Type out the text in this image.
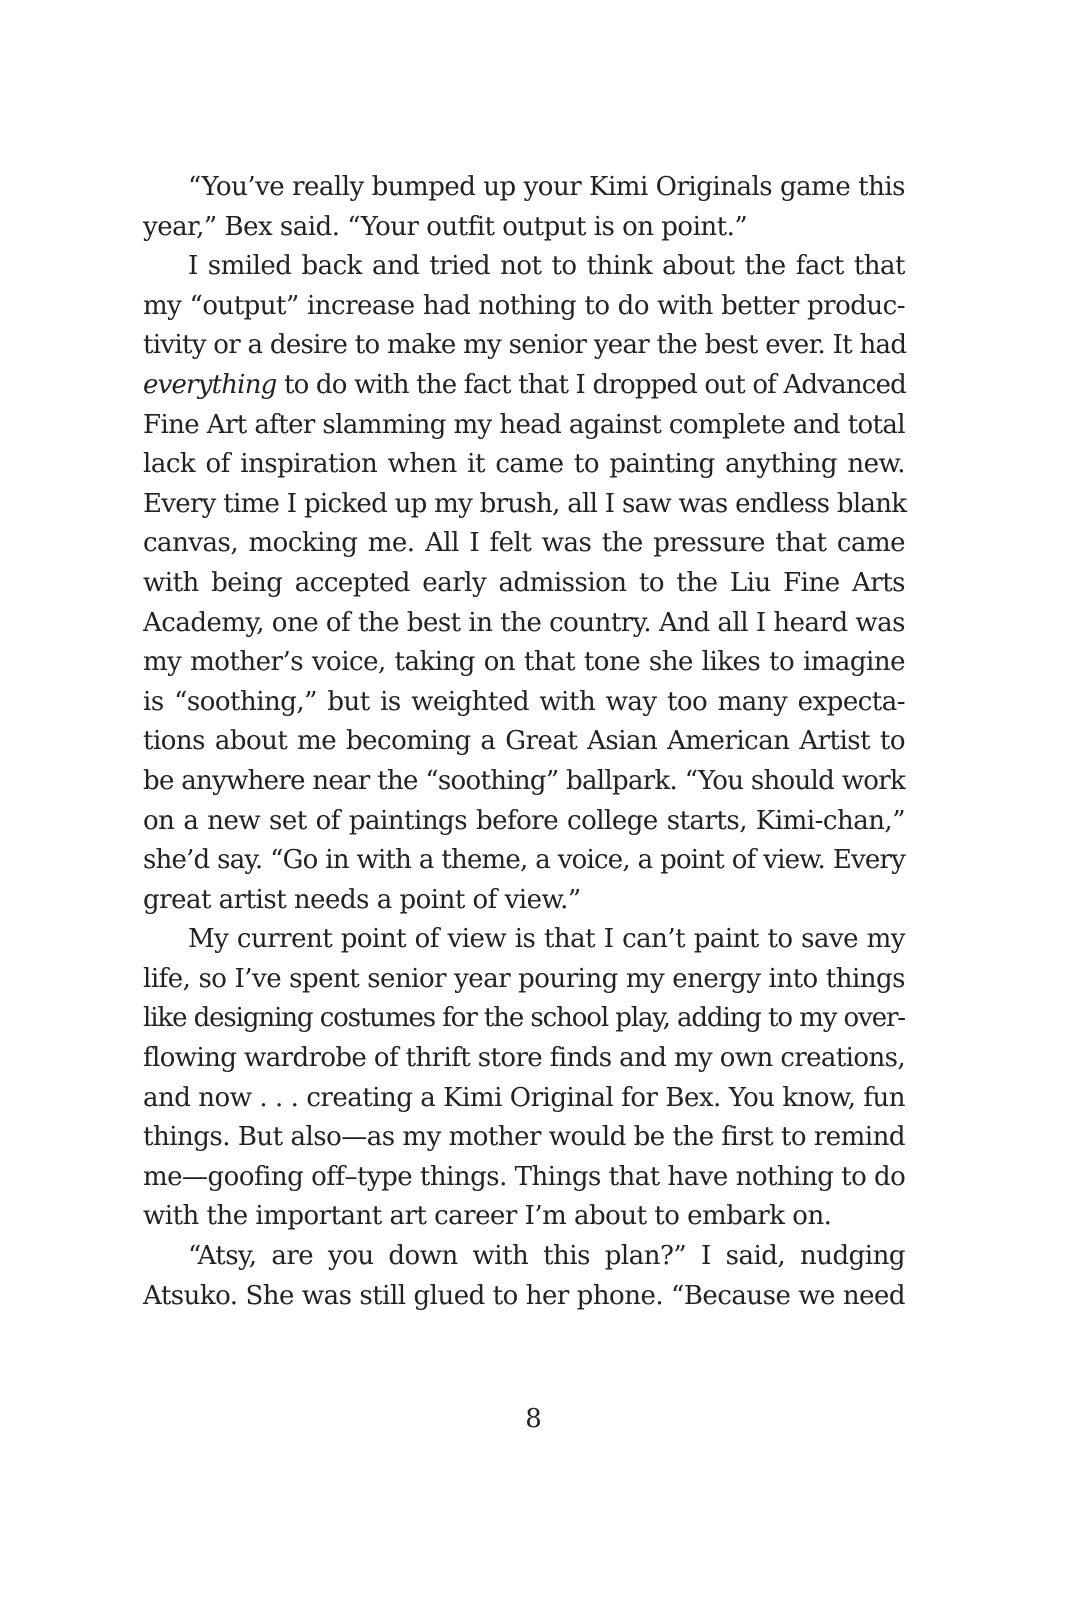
“You’ve really bumped up your Kimi Originals game this
year,” Bex said. “Your outfit output is on point.”
I smiled back and tried not to think about the fact that
my “output” increase had nothing to do with better produc-
tivity or a desire to make my senior year the best ever. It had
everything to do with the fact that I dropped out of Advanced
Fine Art after slamming my head against complete and total
lack of inspiration when it came to painting anything new.
Every time I picked up my brush, all I saw was endless blank
canvas, mocking me. All I felt was the pressure that came
with being accepted early admission to the Liu Fine Arts
Academy, one of the best in the country. And all I heard was
my mother’s voice, taking on that tone she likes to imagine
is “soothing,” but is weighted with way too many expecta-
tions about me becoming a Great Asian American Artist to
be anywhere near the “soothing” ballpark. “You should work
on a new set of paintings before college starts, Kimi-chan,”
she’d say. “Go in with a theme, a voice, a point of view. Every
great artist needs a point of view.”
My current point of view is that I can’t paint to save my
life, so I’ve spent senior year pouring my energy into things
like designing costumes for the school play, adding to my over-
flowing wardrobe of thrift store finds and my own creations,
and now . . . creating a Kimi Original for Bex. You know, fun
things. But also—as my mother would be the first to remind
me—goofing off–type things. Things that have nothing to do
with the important art career I’m about to embark on.
“Atsy, are you down with this plan?” I said, nudging
Atsuko. She was still glued to her phone. “Because we need
8
